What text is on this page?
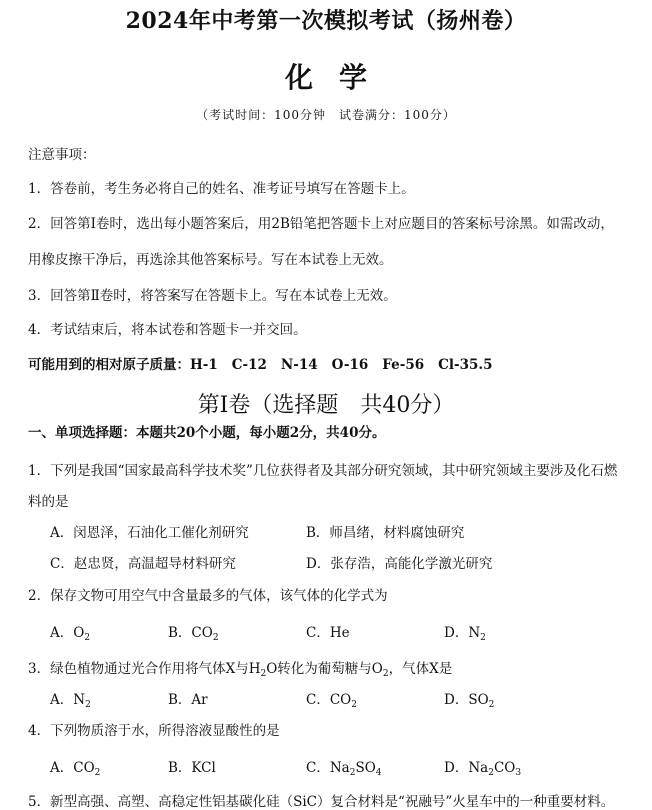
2024年中考第一次模拟考试（扬州卷）
化学
（考试时间：100分钟　试卷满分：100分）
注意事项：
1．答卷前，考生务必将自己的姓名、准考证号填写在答题卡上。
2．回答第Ⅰ卷时，选出每小题答案后，用2B铅笔把答题卡上对应题目的答案标号涂黑。如需改动，
用橡皮擦干净后，再选涂其他答案标号。写在本试卷上无效。
3．回答第Ⅱ卷时，将答案写在答题卡上。写在本试卷上无效。
4．考试结束后，将本试卷和答题卡一并交回。
可能用到的相对原子质量：H-1 C-12 N-14 O-16 Fe-56 Cl-35.5
第Ⅰ卷（选择题　共40分）
一、单项选择题：本题共20个小题，每小题2分，共40分。
1．下列是我国“国家最高科学技术奖”几位获得者及其部分研究领域，其中研究领域主要涉及化石燃
料的是
A．闵恩泽，石油化工催化剂研究	B．师昌绪，材料腐蚀研究
C．赵忠贤，高温超导材料研究	D．张存浩，高能化学激光研究
2．保存文物可用空气中含量最多的气体，该气体的化学式为
A．$O_2$	B．$CO_2$	C．He	D．$N_2$
3．绿色植物通过光合作用将气体X与$H_2O$转化为葡萄糖与$O_2$，气体X是
A．$N_2$	B．Ar	C．$CO_2$	D．$SO_2$
4．下列物质溶于水，所得溶液显酸性的是
A．$CO_2$	B．KCl	C．$Na_2SO_4$	D．$Na_2CO_3$
5．新型高强、高塑、高稳定性铝基碳化硅（SiC）复合材料是“祝融号”火星车中的一种重要材料。
